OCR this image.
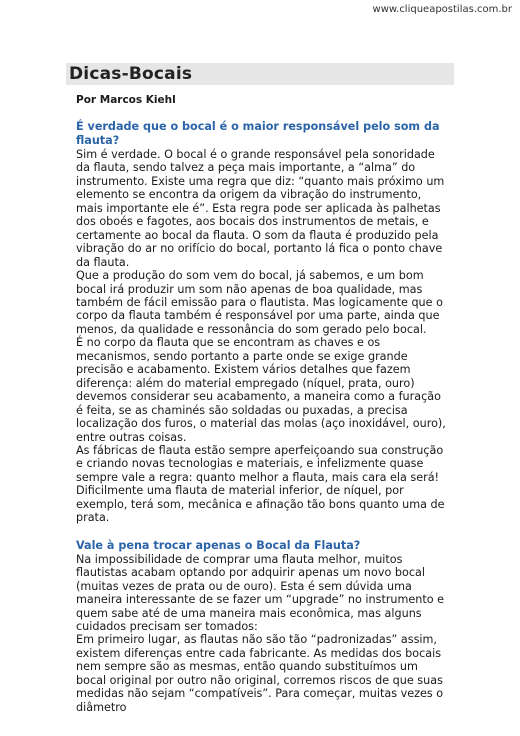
www.cliqueapostilas.com.br
Dicas-Bocais
Por Marcos Kiehl

É verdade que o bocal é o maior responsável pelo som da flauta?

Sim é verdade. O bocal é o grande responsável pela sonoridade da flauta, sendo talvez a peça mais importante, a “alma” do instrumento. Existe uma regra que diz: “quanto mais próximo um elemento se encontra da origem da vibração do instrumento, mais importante ele é”. Esta regra pode ser aplicada às palhetas dos oboés e fagotes, aos bocais dos instrumentos de metais, e certamente ao bocal da flauta. O som da flauta é produzido pela vibração do ar no orifício do bocal, portanto lá fica o ponto chave da flauta.

Que a produção do som vem do bocal, já sabemos, e um bom bocal irá produzir um som não apenas de boa qualidade, mas também de fácil emissão para o flautista. Mas logicamente que o corpo da flauta também é responsável por uma parte, ainda que menos, da qualidade e ressonância do som gerado pelo bocal.

É no corpo da flauta que se encontram as chaves e os mecanismos, sendo portanto a parte onde se exige grande precisão e acabamento. Existem vários detalhes que fazem diferença: além do material empregado (níquel, prata, ouro) devemos considerar seu acabamento, a maneira como a furação é feita, se as chaminés são soldadas ou puxadas, a precisa localização dos furos, o material das molas (aço inoxidável, ouro), entre outras coisas.

As fábricas de flauta estão sempre aperfeiçoando sua construção e criando novas tecnologias e materiais, e infelizmente quase sempre vale a regra: quanto melhor a flauta, mais cara ela será! Dificilmente uma flauta de material inferior, de níquel, por exemplo, terá som, mecânica e afinação tão bons quanto uma de prata.

Vale à pena trocar apenas o Bocal da Flauta?

Na impossibilidade de comprar uma flauta melhor, muitos flautistas acabam optando por adquirir apenas um novo bocal (muitas vezes de prata ou de ouro). Esta é sem dúvida uma maneira interessante de se fazer um “upgrade” no instrumento e quem sabe até de uma maneira mais econômica, mas alguns cuidados precisam ser tomados:

Em primeiro lugar, as flautas não são tão “padronizadas” assim, existem diferenças entre cada fabricante. As medidas dos bocais nem sempre são as mesmas, então quando substituímos um bocal original por outro não original, corremos riscos de que suas medidas não sejam “compatíveis”. Para começar, muitas vezes o diâmetro
